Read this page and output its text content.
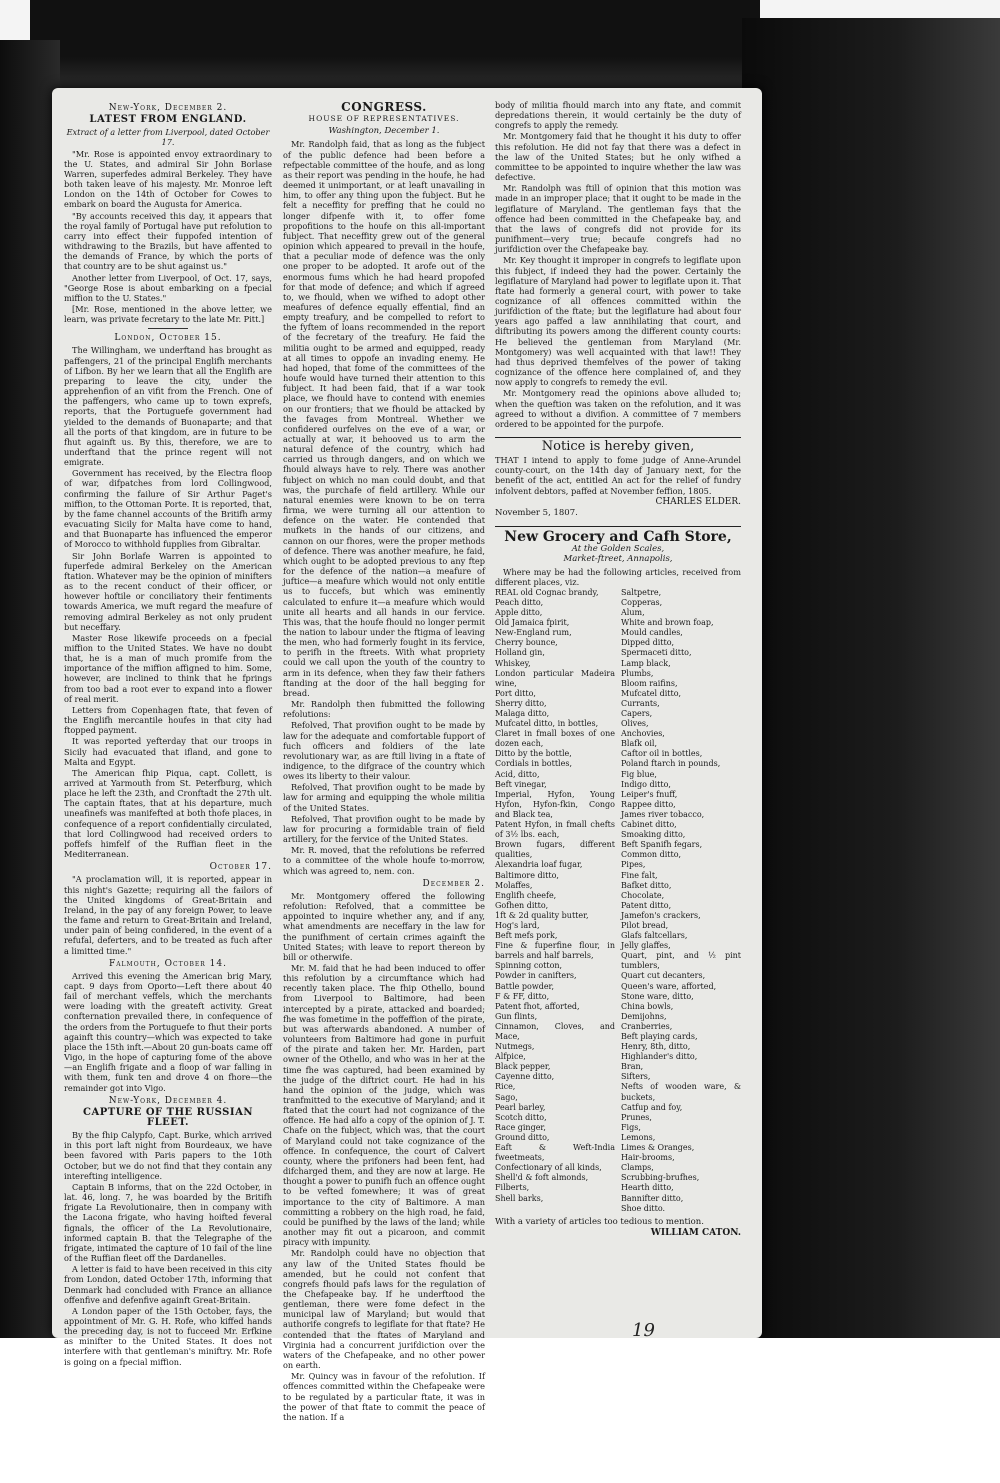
New-York, December 2.
LATEST FROM ENGLAND.

Extract of a letter from Liverpool, dated October 17.

"Mr. Rose is appointed envoy extraordinary to the U. States, and admiral Sir John Borlase Warren, superfedes admiral Berkeley. They have both taken leave of his majesty. Mr. Monroe left London on the 14th of October for Cowes to embark on board the Augusta for America.

"By accounts received this day, it appears that the royal family of Portugal have put refolution to carry into effect their fuppofed intention of withdrawing to the Brazils, but have affented to the demands of France, by which the ports of that country are to be shut against us."

Another letter from Liverpool, of Oct. 17, says, "George Rose is about embarking on a fpecial miffion to the U. States."

[Mr. Rose, mentioned in the above letter, we learn, was private fecretary to the late Mr. Pitt.]

London, October 15.

The Willingham, we underftand has brought as paffengers, 21 of the principal Englifh merchants of Lifbon. By her we learn that all the Englifh are preparing to leave the city, under the apprehenfion of an vifit from the French. One of the paffengers, who came up to town exprefs, reports, that the Portuguefe government had yielded to the demands of Buonaparte; and that all the ports of that kingdom, are in future to be fhut againft us. By this, therefore, we are to underftand that the prince regent will not emigrate.

Government has received, by the Electra floop of war, difpatches from lord Collingwood, confirming the failure of Sir Arthur Paget's miffion, to the Ottoman Porte. It is reported, that, by the fame channel accounts of the Britifh army evacuating Sicily for Malta have come to hand, and that Buonaparte has influenced the emperor of Morocco to withhold fupplies from Gibraltar.

Sir John Borlafe Warren is appointed to fuperfede admiral Berkeley on the American ftation. Whatever may be the opinion of minifters as to the recent conduct of their officer, or however hoftile or conciliatory their fentiments towards America, we muft regard the meafure of removing admiral Berkeley as not only prudent but neceffary.

Master Rose likewife proceeds on a fpecial miffion to the United States. We have no doubt that, he is a man of much promife from the importance of the miffion affigned to him. Some, however, are inclined to think that he fprings from too bad a root ever to expand into a flower of real merit.

Letters from Copenhagen ftate, that feven of the Englifh mercantile houfes in that city had ftopped payment.

It was reported yefterday that our troops in Sicily had evacuated that ifland, and gone to Malta and Egypt.

The American fhip Piqua, capt. Collett, is arrived at Yarmouth from St. Peterfburg, which place he left the 23th, and Cronftadt the 27th ult. The captain ftates, that at his departure, much uneafinefs was manifefted at both thofe places, in confequence of a report confidentially circulated, that lord Collingwood had received orders to poffefs himfelf of the Ruffian fleet in the Mediterranean.

October 17.

"A proclamation will, it is reported, appear in this night's Gazette; requiring all the failors of the United kingdoms of Great-Britain and Ireland, in the pay of any foreign Power, to leave the fame and return to Great-Britain and Ireland, under pain of being confidered, in the event of a refufal, deferters, and to be treated as fuch after a limitted time."

Falmouth, October 14.

Arrived this evening the American brig Mary, capt. 9 days from Oporto—Left there about 40 fail of merchant veffels, which the merchants were loading with the greateft activity. Great confternation prevailed there, in confequence of the orders from the Portuguefe to fhut their ports againft this country—which was expected to take place the 15th inft.—About 20 gun-boats came off Vigo, in the hope of capturing fome of the above—an Englifh frigate and a floop of war falling in with them, funk ten and drove 4 on fhore—the remainder got into Vigo.

New-York, December 4.
CAPTURE OF THE RUSSIAN FLEET.

By the fhip Calypfo, Capt. Burke, which arrived in this port laft night from Bourdeaux, we have been favored with Paris papers to the 10th October, but we do not find that they contain any interefting intelligence.

Captain B informs, that on the 22d October, in lat. 46, long. 7, he was boarded by the Britifh frigate La Revolutionaire, then in company with the Lacona frigate, who having hoifted feveral fignals, the officer of the La Revolutionaire, informed captain B. that the Telegraphe of the frigate, intimated the capture of 10 fail of the line of the Ruffian fleet off the Dardanelles.

A letter is faid to have been received in this city from London, dated October 17th, informing that Denmark had concluded with France an alliance offenfive and defenfive againft Great-Britain.

A London paper of the 15th October, fays, the appointment of Mr. G. H. Rofe, who kiffed hands the preceding day, is not to fucceed Mr. Erfkine as minifter to the United States. It does not interfere with that gentleman's miniftry. Mr. Rofe is going on a fpecial miffion.

CONGRESS.
HOUSE OF REPRESENTATIVES.
Washington, December 1.

Mr. Randolph faid, that as long as the fubject of the public defence had been before a refpectable committee of the houfe, and as long as their report was pending in the houfe, he had deemed it unimportant, or at leaft unavailing in him, to offer any thing upon the fubject. But he felt a neceffity for preffing that he could no longer difpenfe with it, to offer fome propofitions to the houfe on this all-important fubject. That neceffity grew out of the general opinion which appeared to prevail in the houfe, that a peculiar mode of defence was the only one proper to be adopted. It arofe out of the enormous fums which he had heard propofed for that mode of defence; and which if agreed to, we fhould, when we wifhed to adopt other meafures of defence equally effential, find an empty treafury, and be compelled to refort to the fyftem of loans recommended in the report of the fecretary of the treafury. He faid the militia ought to be armed and equipped, ready at all times to oppofe an invading enemy. He had hoped, that fome of the committees of the houfe would have turned their attention to this fubject. It had been faid, that if a war took place, we fhould have to contend with enemies on our frontiers; that we fhould be attacked by the favages from Montreal. Whether we confidered ourfelves on the eve of a war, or actually at war, it behooved us to arm the natural defence of the country, which had carried us through dangers, and on which we fhould always have to rely. There was another fubject on which no man could doubt, and that was, the purchafe of field artillery. While our natural enemies were known to be on terra firma, we were turning all our attention to defence on the water. He contended that mufkets in the hands of our citizens, and cannon on our fhores, were the proper methods of defence. There was another meafure, he faid, which ought to be adopted previous to any ftep for the defence of the nation—a meafure of juftice—a meafure which would not only entitle us to fuccefs, but which was eminently calculated to enfure it—a meafure which would unite all hearts and all hands in our fervice. This was, that the houfe fhould no longer permit the nation to labour under the ftigma of leaving the men, who had formerly fought in its fervice, to perifh in the ftreets. With what propriety could we call upon the youth of the country to arm in its defence, when they faw their fathers ftanding at the door of the hall begging for bread.

Mr. Randolph then fubmitted the following refolutions:

Refolved, That provifion ought to be made by law for the adequate and comfortable fupport of fuch officers and foldiers of the late revolutionary war, as are ftill living in a ftate of indigence, to the difgrace of the country which owes its liberty to their valour.

Refolved, That provifion ought to be made by law for arming and equipping the whole militia of the United States.

Refolved, That provifion ought to be made by law for procuring a formidable train of field artillery, for the fervice of the United States.

Mr. R. moved, that the refolutions be referred to a committee of the whole houfe to-morrow, which was agreed to, nem. con.

December 2.

Mr. Montgomery offered the following refolution: Refolved, that a committee be appointed to inquire whether any, and if any, what amendments are neceffary in the law for the punifhment of certain crimes againft the United States; with leave to report thereon by bill or otherwife.

Mr. M. faid that he had been induced to offer this refolution by a circumftance which had recently taken place. The fhip Othello, bound from Liverpool to Baltimore, had been intercepted by a pirate, attacked and boarded; fhe was fometime in the poffeffion of the pirate, but was afterwards abandoned. A number of volunteers from Baltimore had gone in purfuit of the pirate and taken her. Mr. Harden, part owner of the Othello, and who was in her at the time fhe was captured, had been examined by the judge of the diftrict court. He had in his hand the opinion of the judge, which was tranfmitted to the executive of Maryland; and it ftated that the court had not cognizance of the offence. He had alfo a copy of the opinion of J. T. Chafe on the fubject, which was, that the court of Maryland could not take cognizance of the offence. In confequence, the court of Calvert county, where the prifoners had been fent, had difcharged them, and they are now at large. He thought a power to punifh fuch an offence ought to be vefted fomewhere; it was of great importance to the city of Baltimore. A man committing a robbery on the high road, he faid, could be punifhed by the laws of the land; while another may fit out a picaroon, and commit piracy with impunity.

Mr. Randolph could have no objection that any law of the United States fhould be amended, but he could not confent that congrefs fhould pafs laws for the regulation of the Chefapeake bay. If he underftood the gentleman, there were fome defect in the municipal law of Maryland; but would that authorife congrefs to legiflate for that ftate? He contended that the ftates of Maryland and Virginia had a concurrent jurifdiction over the waters of the Chefapeake, and no other power on earth.

Mr. Quincy was in favour of the refolution. If offences committed within the Chefapeake were to be regulated by a particular ftate, it was in the power of that ftate to commit the peace of the nation. If a

body of militia fhould march into any ftate, and commit depredations therein, it would certainly be the duty of congrefs to apply the remedy.

Mr. Montgomery faid that he thought it his duty to offer this refolution. He did not fay that there was a defect in the law of the United States; but he only wifhed a committee to be appointed to inquire whether the law was defective.

Mr. Randolph was ftill of opinion that this motion was made in an improper place; that it ought to be made in the legiflature of Maryland. The gentleman fays that the offence had been committed in the Chefapeake bay, and that the laws of congrefs did not provide for its punifhment—very true; becaufe congrefs had no jurifdiction over the Chefapeake bay.

Mr. Key thought it improper in congrefs to legiflate upon this fubject, if indeed they had the power. Certainly the legiflature of Maryland had power to legiflate upon it. That ftate had formerly a general court, with power to take cognizance of all offences committed within the jurifdiction of the ftate; but the legiflature had about four years ago paffed a law annihilating that court, and diftributing its powers among the different county courts: He believed the gentleman from Maryland (Mr. Montgomery) was well acquainted with that law!! They had thus deprived themfelves of the power of taking cognizance of the offence here complained of, and they now apply to congrefs to remedy the evil.

Mr. Montgomery read the opinions above alluded to; when the queftion was taken on the refolution, and it was agreed to without a divifion. A committee of 7 members ordered to be appointed for the purpofe.

Notice is hereby given,

THAT I intend to apply to fome judge of Anne-Arundel county-court, on the 14th day of January next, for the benefit of the act, entitled An act for the relief of fundry infolvent debtors, paffed at November feffion, 1805.

CHARLES ELDER.
November 5, 1807.
New Grocery and Cafh Store,
At the Golden Scales,
Market-ftreet, Annapolis,

Where may be had the following articles, received from different places, viz.

REAL old Cognac brandy,
Peach ditto,
Apple ditto,
Old Jamaica fpirit,
New-England rum,
Cherry bounce,
Holland gin,
Whiskey,
London particular Madeira wine,
Port ditto,
Sherry ditto,
Malaga ditto,
Mufcatel ditto, in bottles,
Claret in fmall boxes of one dozen each,
Ditto by the bottle,
Cordials in bottles,
Acid, ditto,
Beft vinegar,
Imperial, Hyfon, Young Hyfon, Hyfon-fkin, Congo and Black tea,
Patent Hyfon, in fmall chefts of 3½ lbs. each,
Brown fugars, different qualities,
Alexandria loaf fugar,
Baltimore ditto,
Molaffes,
Englifh cheefe,
Gofhen ditto,
1ft & 2d quality butter,
Hog's lard,
Beft mefs pork,
Fine & fuperfine flour, in barrels and half barrels,
Spinning cotton,
Powder in canifters,
Battle powder,
F & FF, ditto,
Patent fhot, afforted,
Gun flints,
Cinnamon, Cloves, and Mace,
Nutmegs,
Alfpice,
Black pepper,
Cayenne ditto,
Rice,
Sago,
Pearl barley,
Scotch ditto,
Race ginger,
Ground ditto,
Eaft & Weft-India fweetmeats,
Confectionary of all kinds,
Shell'd & foft almonds,
Filberts,
Shell barks,
Saltpetre,
Copperas,
Alum,
White and brown foap,
Mould candles,
Dipped ditto,
Spermaceti ditto,
Lamp black,
Plumbs,
Bloom raifins,
Mufcatel ditto,
Currants,
Capers,
Olives,
Anchovies,
Blafk oil,
Caftor oil in bottles,
Poland ftarch in pounds,
Fig blue,
Indigo ditto,
Leiper's fnuff,
Rappee ditto,
James river tobacco,
Cabinet ditto,
Smoaking ditto,
Beft Spanifh fegars,
Common ditto,
Pipes,
Fine falt,
Bafket ditto,
Chocolate,
Patent ditto,
Jamefon's crackers,
Pilot bread,
Glafs faltcellars,
Jelly glaffes,
Quart, pint, and ½ pint tumblers,
Quart cut decanters,
Queen's ware, afforted,
Stone ware, ditto,
China bowls,
Demijohns,
Cranberries,
Beft playing cards,
Henry, 8th, ditto,
Highlander's ditto,
Bran,
Sifters,
Nefts of wooden ware, & buckets,
Catfup and foy,
Prunes,
Figs,
Lemons,
Limes & Oranges,
Hair-brooms,
Clamps,
Scrubbing-brufhes,
Hearth ditto,
Bannifter ditto,
Shoe ditto.
With a variety of articles too tedious to mention.
WILLIAM CATON.
19
